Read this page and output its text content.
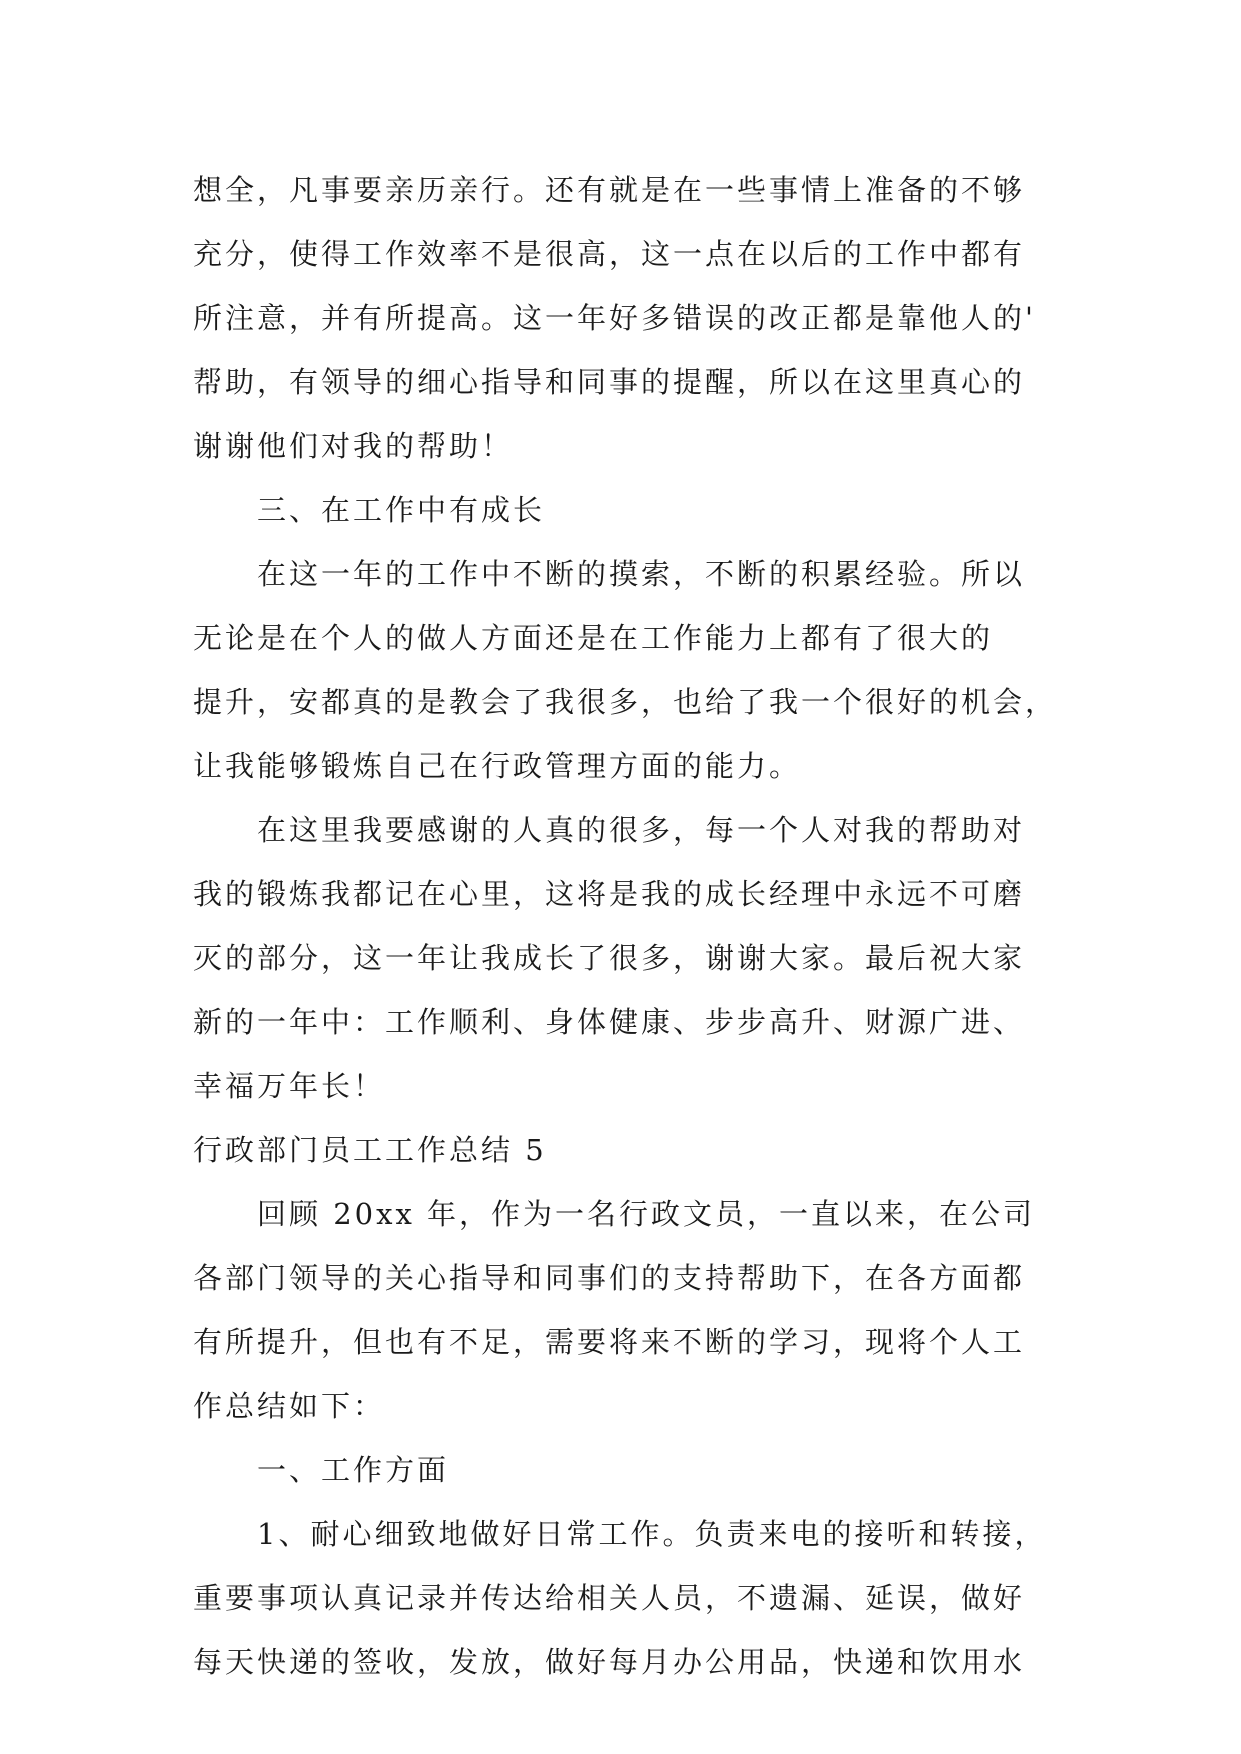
想全，凡事要亲历亲行。还有就是在一些事情上准备的不够
充分，使得工作效率不是很高，这一点在以后的工作中都有
所注意，并有所提高。这一年好多错误的改正都是靠他人的'
帮助，有领导的细心指导和同事的提醒，所以在这里真心的
谢谢他们对我的帮助！
三、在工作中有成长
在这一年的工作中不断的摸索，不断的积累经验。所以
无论是在个人的做人方面还是在工作能力上都有了很大的
提升，安都真的是教会了我很多，也给了我一个很好的机会，
让我能够锻炼自己在行政管理方面的能力。
在这里我要感谢的人真的很多，每一个人对我的帮助对
我的锻炼我都记在心里，这将是我的成长经理中永远不可磨
灭的部分，这一年让我成长了很多，谢谢大家。最后祝大家
新的一年中：工作顺利、身体健康、步步高升、财源广进、
幸福万年长！
行政部门员工工作总结 5
回顾 20xx 年，作为一名行政文员，一直以来，在公司
各部门领导的关心指导和同事们的支持帮助下，在各方面都
有所提升，但也有不足，需要将来不断的学习，现将个人工
作总结如下：
一、工作方面
1、耐心细致地做好日常工作。负责来电的接听和转接，
重要事项认真记录并传达给相关人员，不遗漏、延误，做好
每天快递的签收，发放，做好每月办公用品，快递和饮用水
